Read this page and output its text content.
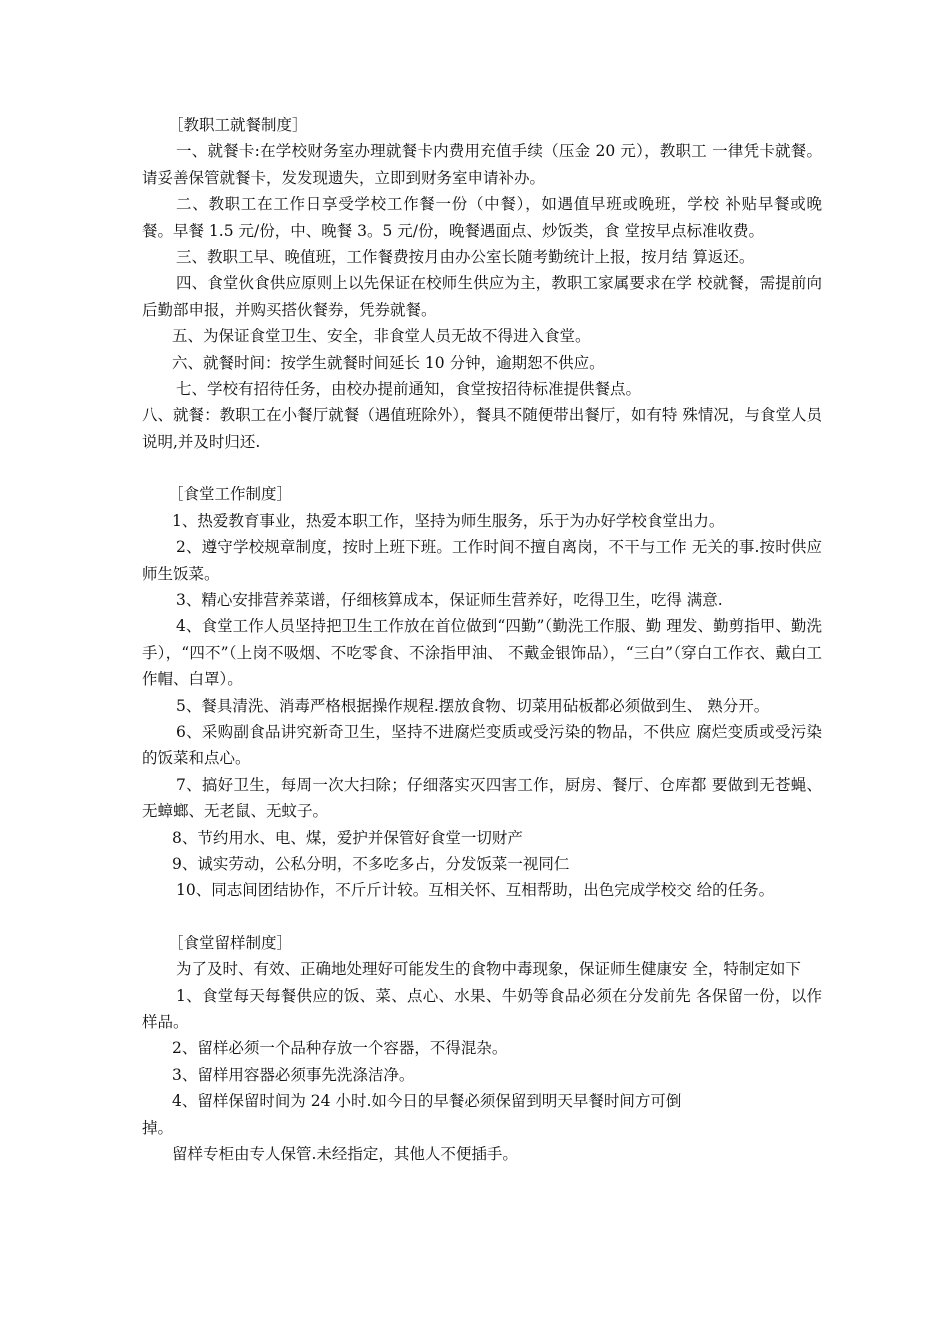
［教职工就餐制度］

一、就餐卡:在学校财务室办理就餐卡内费用充值手续（压金 20 元），教职工 一律凭卡就餐。请妥善保管就餐卡，发发现遗失，立即到财务室申请补办。

二、教职工在工作日享受学校工作餐一份（中餐），如遇值早班或晚班，学校 补贴早餐或晚餐。早餐 1.5 元/份，中、晚餐 3。5 元/份，晚餐遇面点、炒饭类，食 堂按早点标准收费。

三、教职工早、晚值班，工作餐费按月由办公室长随考勤统计上报，按月结 算返还。

四、食堂伙食供应原则上以先保证在校师生供应为主，教职工家属要求在学 校就餐，需提前向后勤部申报，并购买搭伙餐券，凭券就餐。

五、为保证食堂卫生、安全，非食堂人员无故不得进入食堂。

六、就餐时间：按学生就餐时间延长 10 分钟，逾期恕不供应。

七、学校有招待任务，由校办提前通知，食堂按招待标准提供餐点。

八、就餐：教职工在小餐厅就餐（遇值班除外），餐具不随便带出餐厅，如有特 殊情况，与食堂人员说明,并及时归还.

［食堂工作制度］

1、热爱教育事业，热爱本职工作，坚持为师生服务，乐于为办好学校食堂出力。

2、遵守学校规章制度，按时上班下班。工作时间不擅自离岗，不干与工作 无关的事.按时供应师生饭菜。

3、精心安排营养菜谱，仔细核算成本，保证师生营养好，吃得卫生，吃得 满意.

4、食堂工作人员坚持把卫生工作放在首位做到“四勤”（勤洗工作服、勤 理发、勤剪指甲、勤洗手），“四不”（上岗不吸烟、不吃零食、不涂指甲油、 不戴金银饰品），“三白”（穿白工作衣、戴白工作帽、白罩）。

5、餐具清洗、消毒严格根据操作规程.摆放食物、切菜用砧板都必须做到生、 熟分开。

6、采购副食品讲究新奇卫生，坚持不进腐烂变质或受污染的物品，不供应 腐烂变质或受污染的饭菜和点心。

7、搞好卫生，每周一次大扫除；仔细落实灭四害工作，厨房、餐厅、仓库都 要做到无苍蝇、无蟑螂、无老鼠、无蚊子。

8、节约用水、电、煤，爱护并保管好食堂一切财产

9、诚实劳动，公私分明，不多吃多占，分发饭菜一视同仁

10、同志间团结协作，不斤斤计较。互相关怀、互相帮助，出色完成学校交 给的任务。

［食堂留样制度］

为了及时、有效、正确地处理好可能发生的食物中毒现象，保证师生健康安 全，特制定如下

1、食堂每天每餐供应的饭、菜、点心、水果、牛奶等食品必须在分发前先 各保留一份，以作样品。

2、留样必须一个品种存放一个容器，不得混杂。

3、留样用容器必须事先洗涤洁净。

4、留样保留时间为 24 小时.如今日的早餐必须保留到明天早餐时间方可倒

掉。

留样专柜由专人保管.未经指定，其他人不便插手。
